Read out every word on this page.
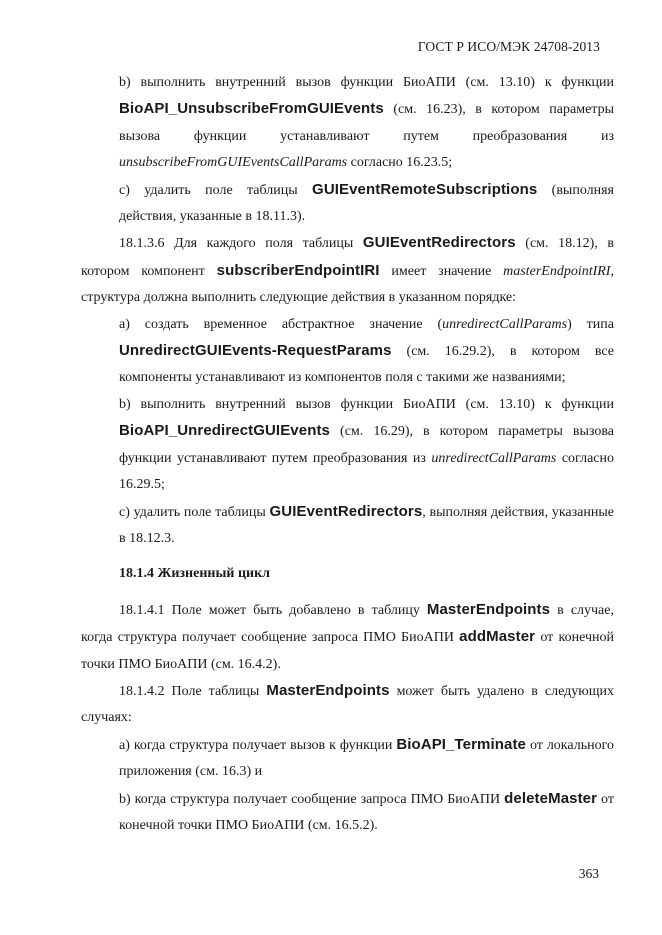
ГОСТ Р ИСО/МЭК 24708-2013

b) выполнить внутренний вызов функции БиоАПИ (см. 13.10) к функции BioAPI_UnsubscribeFromGUIEvents (см. 16.23), в котором параметры вызова функции устанавливают путем преобразования из unsubscribeFromGUIEventsCallParams согласно 16.23.5;

c) удалить поле таблицы GUIEventRemoteSubscriptions (выполняя действия, указанные в 18.11.3).

18.1.3.6 Для каждого поля таблицы GUIEventRedirectors (см. 18.12), в котором компонент subscriberEndpointIRI имеет значение masterEndpointIRI, структура должна выполнить следующие действия в указанном порядке:

a) создать временное абстрактное значение (unredirectCallParams) типа UnredirectGUIEvents-RequestParams (см. 16.29.2), в котором все компоненты устанавливают из компонентов поля с такими же названиями;

b) выполнить внутренний вызов функции БиоАПИ (см. 13.10) к функции BioAPI_UnredirectGUIEvents (см. 16.29), в котором параметры вызова функции устанавливают путем преобразования из unredirectCallParams согласно 16.29.5;

c) удалить поле таблицы GUIEventRedirectors, выполняя действия, указанные в 18.12.3.

18.1.4 Жизненный цикл

18.1.4.1 Поле может быть добавлено в таблицу MasterEndpoints в случае, когда структура получает сообщение запроса ПМО БиоАПИ addMaster от конечной точки ПМО БиоАПИ (см. 16.4.2).

18.1.4.2 Поле таблицы MasterEndpoints может быть удалено в следующих случаях:

a) когда структура получает вызов к функции BioAPI_Terminate от локального приложения (см. 16.3) и

b) когда структура получает сообщение запроса ПМО БиоАПИ deleteMaster от конечной точки ПМО БиоАПИ (см. 16.5.2).

363
